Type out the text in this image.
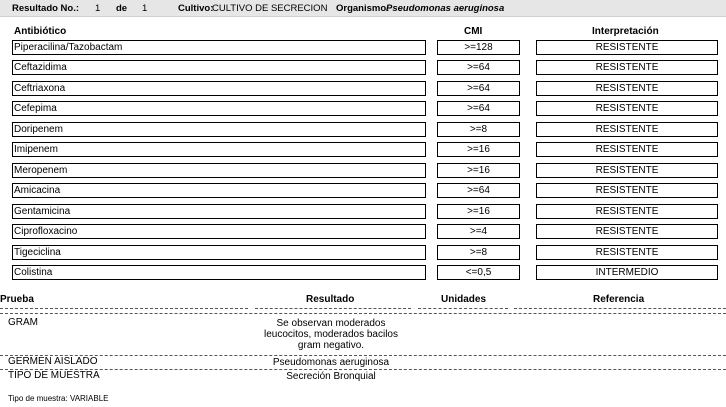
Resultado No.: 1 de 1	Cultivo:
CULTIVO DE SECRECION Organismo:
Pseudomonas aeruginosa
Antibiótico	CMI	Interpretación
Piperacilina/Tazobactam	>=128	RESISTENTE
Ceftazidima	>=64	RESISTENTE
Ceftriaxona	>=64	RESISTENTE
Cefepima	>=64	RESISTENTE
Doripenem	>=8	RESISTENTE
Imipenem	>=16	RESISTENTE
Meropenem	>=16	RESISTENTE
Amicacina	>=64	RESISTENTE
Gentamicina	>=16	RESISTENTE
Ciprofloxacino	>=4	RESISTENTE
Tigeciclina	>=8	RESISTENTE
Colistina	<=0,5	INTERMEDIO
Prueba	Resultado	Unidades	Referencia
GRAM	Se observan moderados
leucocitos, moderados bacilos
gram negativo.
GERMEN AISLADO	Pseudomonas aeruginosa
TIPO DE MUESTRA	Secreción Bronquial
Tipo de muestra: VARIABLE
